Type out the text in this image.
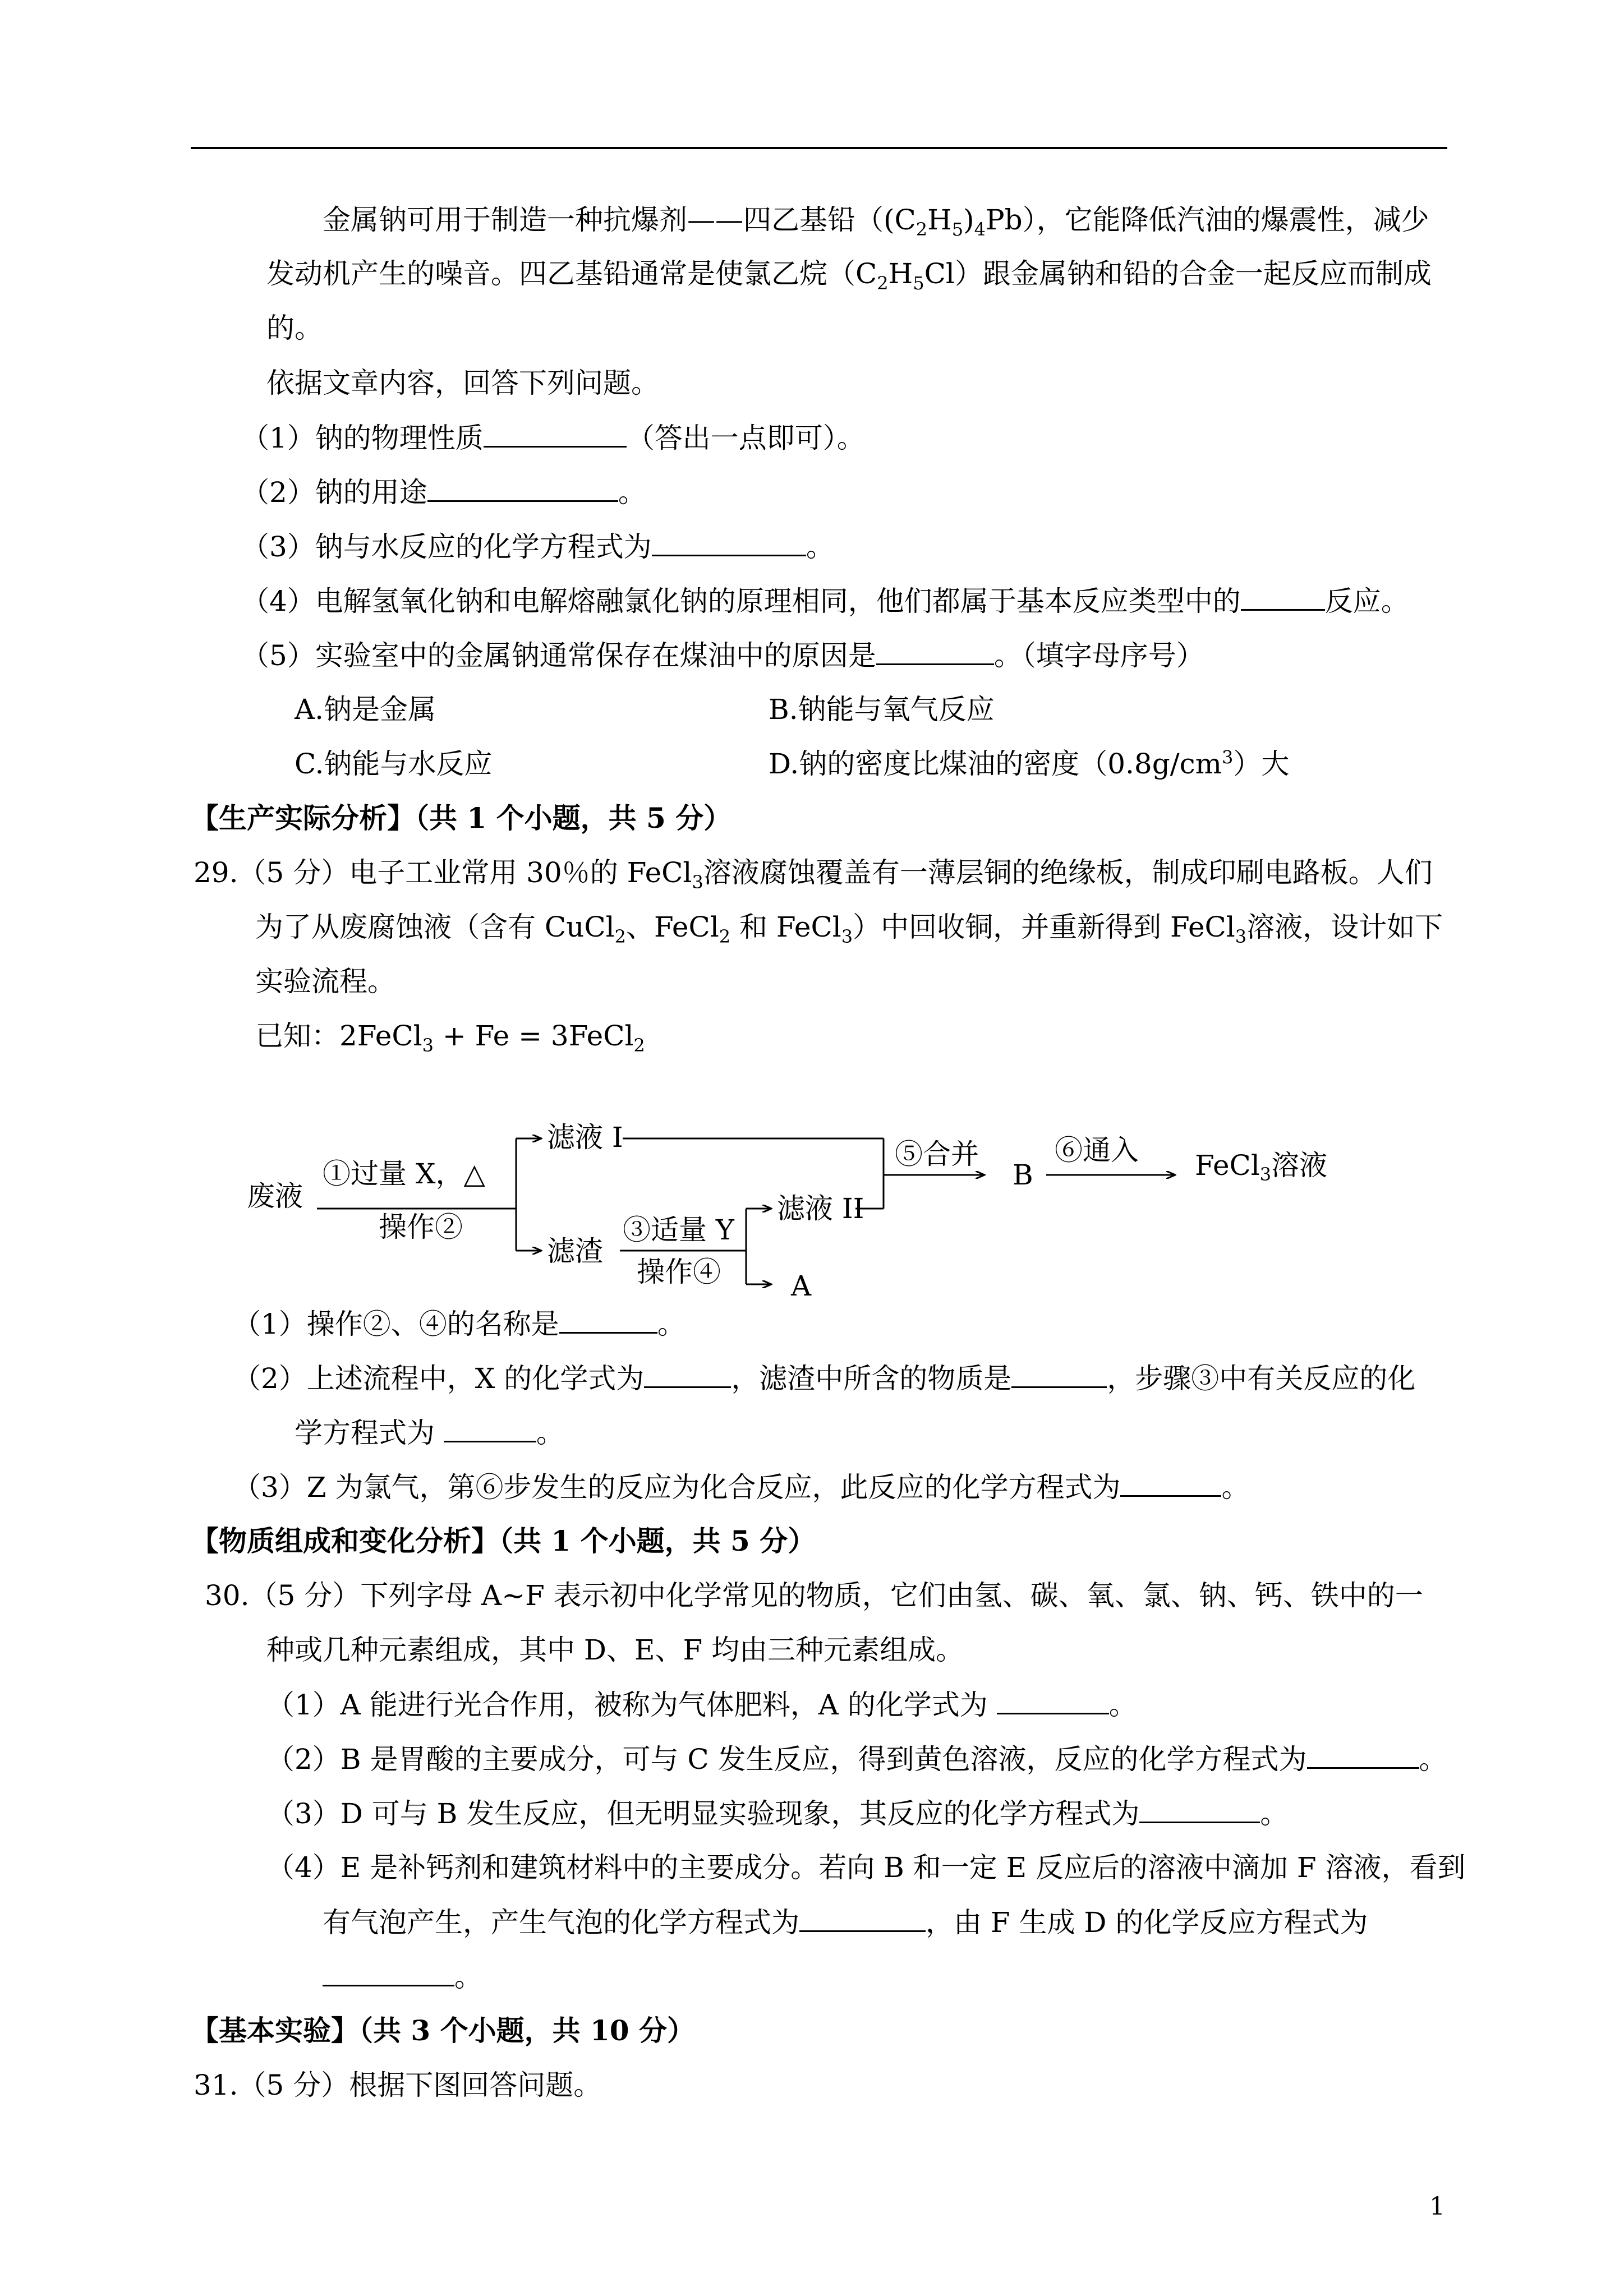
金属钠可用于制造一种抗爆剂——四乙基铅$((C_2H_5)_4Pb)$，它能降低汽油的爆震性，减少
发动机产生的噪音。四乙基铅通常是使氯乙烷$(C_2H_5Cl)$跟金属钠和铅的合金一起反应而制成
的。
依据文章内容，回答下列问题。
（1）钠的物理性质	（答出一点即可）。
（2）钠的用途	。
（3）钠与水反应的化学方程式为	。
（4）电解氢氧化钠和电解熔融氯化钠的原理相同，他们都属于基本反应类型中的	反应。
（5）实验室中的金属钠通常保存在煤油中的原因是	。（填字母序号）
A.钠是金属	B.钠能与氧气反应
C.钠能与水反应	D.钠的密度比煤油的密度$(0.8g/cm^3)$大
【生产实际分析】（共 1 个小题，共 5 分）
29.（5 分）电子工业常用 30％的 FeCl$_3$溶液腐蚀覆盖有一薄层铜的绝缘板，制成印刷电路板。人们
为了从废腐蚀液（含有 CuCl$_2$、FeCl$_2$ 和 FeCl$_3$）中回收铜，并重新得到 FeCl$_3$溶液，设计如下
实验流程。
已知：2FeCl$_3$ + Fe = 3FeCl$_2$
废液
①过量 X，△
操作②
滤液 I
滤渣
③适量 Y
操作④
滤液 II
A
⑤合并
B
⑥通入 FeCl$_3$溶液
（1）操作②、④的名称是	。
（2）上述流程中，X 的化学式为	，滤渣中所含的物质是	，步骤③中有关反应的化
学方程式为	。
（3）Z 为氯气，第⑥步发生的反应为化合反应，此反应的化学方程式为	。
【物质组成和变化分析】（共 1 个小题，共 5 分）
30.（5 分）下列字母 A~F 表示初中化学常见的物质，它们由氢、碳、氧、氯、钠、钙、铁中的一
种或几种元素组成，其中 D、E、F 均由三种元素组成。
（1）A 能进行光合作用，被称为气体肥料，A 的化学式为	。
（2）B 是胃酸的主要成分，可与 C 发生反应，得到黄色溶液，反应的化学方程式为	。
（3）D 可与 B 发生反应，但无明显实验现象，其反应的化学方程式为	。
（4）E 是补钙剂和建筑材料中的主要成分。若向 B 和一定 E 反应后的溶液中滴加 F 溶液，看到
有气泡产生，产生气泡的化学方程式为	，由 F 生成 D 的化学反应方程式为
。
【基本实验】（共 3 个小题，共 10 分）
31.（5 分）根据下图回答问题。
1
